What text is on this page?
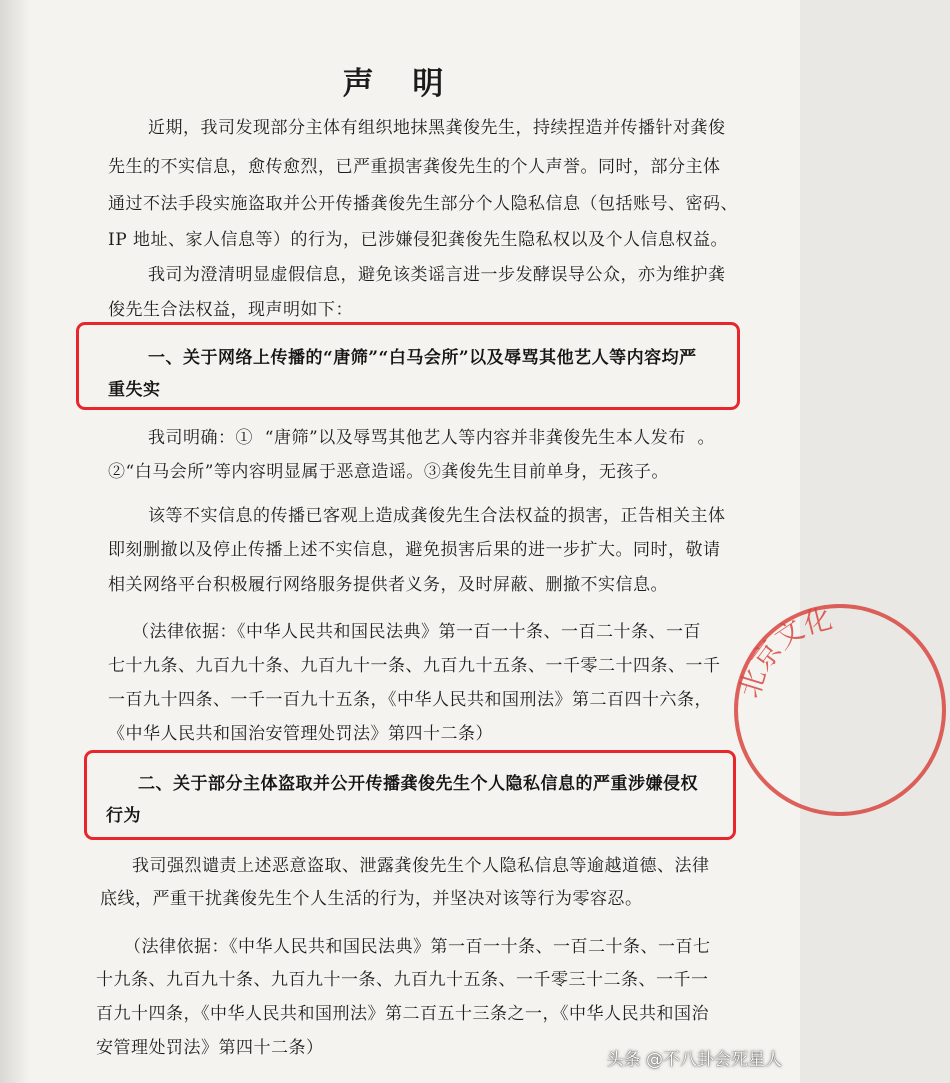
声 明
近期，我司发现部分主体有组织地抹黑龚俊先生，持续捏造并传播针对龚俊
先生的不实信息，愈传愈烈，已严重损害龚俊先生的个人声誉。同时，部分主体
通过不法手段实施盗取并公开传播龚俊先生部分个人隐私信息（包括账号、密码、
IP 地址、家人信息等）的行为，已涉嫌侵犯龚俊先生隐私权以及个人信息权益。
我司为澄清明显虚假信息，避免该类谣言进一步发酵误导公众，亦为维护龚
俊先生合法权益，现声明如下：
一、关于网络上传播的“唐筛”“白马会所”以及辱骂其他艺人等内容均严
重失实
我司明确：①  “唐筛”以及辱骂其他艺人等内容并非龚俊先生本人发布  。
②“白马会所”等内容明显属于恶意造谣。③龚俊先生目前单身，无孩子。
该等不实信息的传播已客观上造成龚俊先生合法权益的损害，正告相关主体
即刻删撤以及停止传播上述不实信息，避免损害后果的进一步扩大。同时，敬请
相关网络平台积极履行网络服务提供者义务，及时屏蔽、删撤不实信息。
（法律依据：《中华人民共和国民法典》第一百一十条、一百二十条、一百
七十九条、九百九十条、九百九十一条、九百九十五条、一千零二十四条、一千
一百九十四条、一千一百九十五条，《中华人民共和国刑法》第二百四十六条，
《中华人民共和国治安管理处罚法》第四十二条）
二、关于部分主体盗取并公开传播龚俊先生个人隐私信息的严重涉嫌侵权
行为
我司强烈谴责上述恶意盗取、泄露龚俊先生个人隐私信息等逾越道德、法律
底线，严重干扰龚俊先生个人生活的行为，并坚决对该等行为零容忍。
（法律依据：《中华人民共和国民法典》第一百一十条、一百二十条、一百七
十九条、九百九十条、九百九十一条、九百九十五条、一千零三十二条、一千一
百九十四条，《中华人民共和国刑法》第二百五十三条之一，《中华人民共和国治
安管理处罚法》第四十二条）
北京文化
头条 @不八卦会死星人
